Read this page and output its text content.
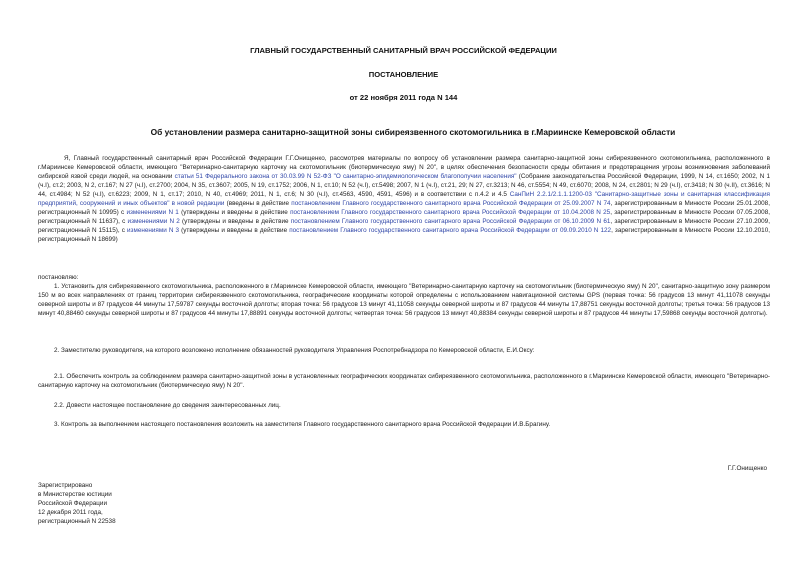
ГЛАВНЫЙ ГОСУДАРСТВЕННЫЙ САНИТАРНЫЙ ВРАЧ РОССИЙСКОЙ ФЕДЕРАЦИИ
ПОСТАНОВЛЕНИЕ
от 22 ноября 2011 года N 144
Об установлении размера санитарно-защитной зоны сибиреязвенного скотомогильника в г.Мариинске Кемеровской области
Я, Главный государственный санитарный врач Российской Федерации Г.Г.Онищенко, рассмотрев материалы по вопросу об установлении размера санитарно-защитной зоны сибиреязвенного скотомогильника, расположенного в г.Мариинске Кемеровской области, имеющего "Ветеринарно-санитарную карточку на скотомогильник (биотермическую яму) N 20", в целях обеспечения безопасности среды обитания и предотвращения угрозы возникновения заболеваний сибирской язвой среди людей, на основании статьи 51 Федерального закона от 30.03.99 N 52-ФЗ "О санитарно-эпидемиологическом благополучии населения" (Собрание законодательства Российской Федерации, 1999, N 14, ст.1650; 2002, N 1 (ч.I), ст.2; 2003, N 2, ст.167; N 27 (ч.I), ст.2700; 2004, N 35, ст.3607; 2005, N 19, ст.1752; 2006, N 1, ст.10; N 52 (ч.I), ст.5498; 2007, N 1 (ч.I), ст.21, 29; N 27, ст.3213; N 46, ст.5554; N 49, ст.6070; 2008, N 24, ст.2801; N 29 (ч.I), ст.3418; N 30 (ч.II), ст.3616; N 44, ст.4984; N 52 (ч.I), ст.6223; 2009, N 1, ст.17; 2010, N 40, ст.4969; 2011, N 1, ст.6; N 30 (ч.I), ст.4563, 4590, 4591, 4596) и в соответствии с п.4.2 и 4.5 СанПиН 2.2.1/2.1.1.1200-03 "Санитарно-защитные зоны и санитарная классификация предприятий, сооружений и иных объектов" в новой редакции (введены в действие постановлением Главного государственного санитарного врача Российской Федерации от 25.09.2007 N 74, зарегистрированным в Минюсте России 25.01.2008, регистрационный N 10995) с изменениями N 1 (утверждены и введены в действие постановлением Главного государственного санитарного врача Российской Федерации от 10.04.2008 N 25, зарегистрированным в Минюсте России 07.05.2008, регистрационный N 11637), с изменениями N 2 (утверждены и введены в действие постановлением Главного государственного санитарного врача Российской Федерации от 06.10.2009 N 61, зарегистрированным в Минюсте России 27.10.2009, регистрационный N 15115), с изменениями N 3 (утверждены и введены в действие постановлением Главного государственного санитарного врача Российской Федерации от 09.09.2010 N 122, зарегистрированным в Минюсте России 12.10.2010, регистрационный N 18699)
постановляю:
1. Установить для сибиреязвенного скотомогильника, расположенного в г.Мариинске Кемеровской области, имеющего "Ветеринарно-санитарную карточку на скотомогильник (биотермическую яму) N 20", санитарно-защитную зону размером 150 м во всех направлениях от границ территории сибиреязвенного скотомогильника, географические координаты которой определены с использованием навигационной системы GPS (первая точка: 56 градусов 13 минут 41,11078 секунды северной широты и 87 градусов 44 минуты 17,59787 секунды восточной долготы; вторая точка: 56 градусов 13 минут 41,11058 секунды северной широты и 87 градусов 44 минуты 17,88751 секунды восточной долготы; третья точка: 56 градусов 13 минут 40,88460 секунды северной широты и 87 градусов 44 минуты 17,88891 секунды восточной долготы; четвертая точка: 56 градусов 13 минут 40,88384 секунды северной широты и 87 градусов 44 минуты 17,59868 секунды восточной долготы).
2. Заместителю руководителя, на которого возложено исполнение обязанностей руководителя Управления Роспотребнадзора по Кемеровской области, Е.И.Оксу:
2.1. Обеспечить контроль за соблюдением размера санитарно-защитной зоны в установленных географических координатах сибиреязвенного скотомогильника, расположенного в г.Мариинске Кемеровской области, имеющего "Ветеринарно-санитарную карточку на скотомогильник (биотермическую яму) N 20".
2.2. Довести настоящее постановление до сведения заинтересованных лиц.
3. Контроль за выполнением настоящего постановления возложить на заместителя Главного государственного санитарного врача Российской Федерации И.В.Брагину.
Г.Г.Онищенко
Зарегистрировано
в Министерстве юстиции
Российской Федерации
12 декабря 2011 года,
регистрационный N 22538
